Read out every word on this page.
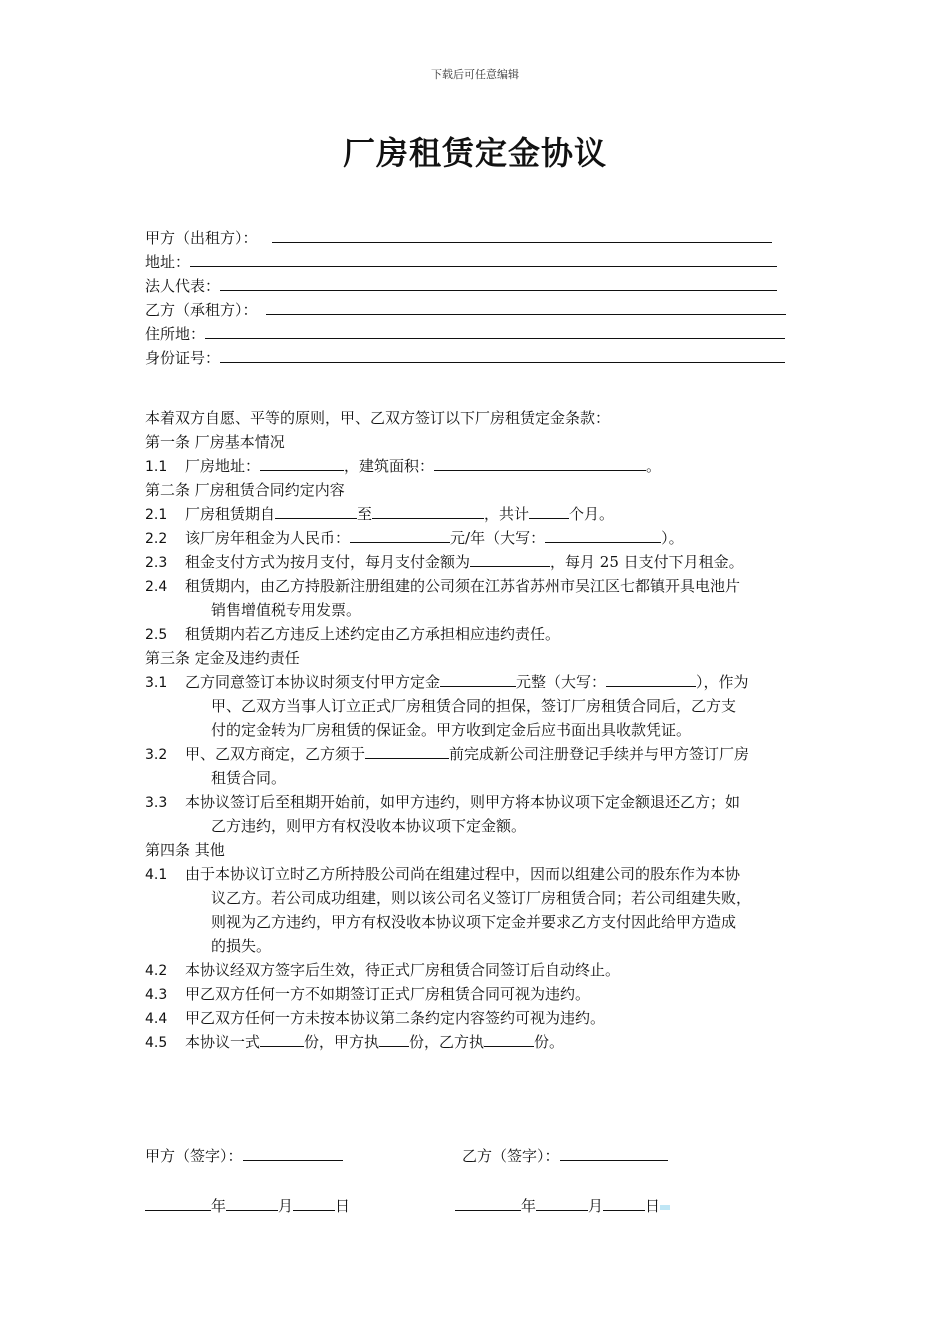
下载后可任意编辑
厂房租赁定金协议
甲方（出租方）：
地址：
法人代表：
乙方（承租方）：
住所地：
身份证号：
本着双方自愿、平等的原则，甲、乙双方签订以下厂房租赁定金条款：
第一条 厂房基本情况
1.1 厂房地址：	，建筑面积：	。
第二条 厂房租赁合同约定内容
2.1 厂房租赁期自	至	，共计	个月。
2.2 该厂房年租金为人民币：	元/年（大写：	）。
2.3 租金支付方式为按月支付，每月支付金额为	，每月 25 日支付下月租金。
2.4 租赁期内，由乙方持股新注册组建的公司须在江苏省苏州市吴江区七都镇开具电池片
销售增值税专用发票。
2.5 租赁期内若乙方违反上述约定由乙方承担相应违约责任。
第三条 定金及违约责任
3.1 乙方同意签订本协议时须支付甲方定金	元整（大写：	），作为
甲、乙双方当事人订立正式厂房租赁合同的担保，签订厂房租赁合同后，乙方支
付的定金转为厂房租赁的保证金。甲方收到定金后应书面出具收款凭证。
3.2 甲、乙双方商定，乙方须于	前完成新公司注册登记手续并与甲方签订厂房
租赁合同。
3.3 本协议签订后至租期开始前，如甲方违约，则甲方将本协议项下定金额退还乙方；如
乙方违约，则甲方有权没收本协议项下定金额。
第四条 其他
4.1 由于本协议订立时乙方所持股公司尚在组建过程中，因而以组建公司的股东作为本协
议乙方。若公司成功组建，则以该公司名义签订厂房租赁合同；若公司组建失败，
则视为乙方违约，甲方有权没收本协议项下定金并要求乙方支付因此给甲方造成
的损失。
4.2 本协议经双方签字后生效，待正式厂房租赁合同签订后自动终止。
4.3 甲乙双方任何一方不如期签订正式厂房租赁合同可视为违约。
4.4 甲乙双方任何一方未按本协议第二条约定内容签约可视为违约。
4.5 本协议一式	份，甲方执 份，乙方执	份。
甲方（签字）：	乙方（签字）：
年	月	日	年	月	日
